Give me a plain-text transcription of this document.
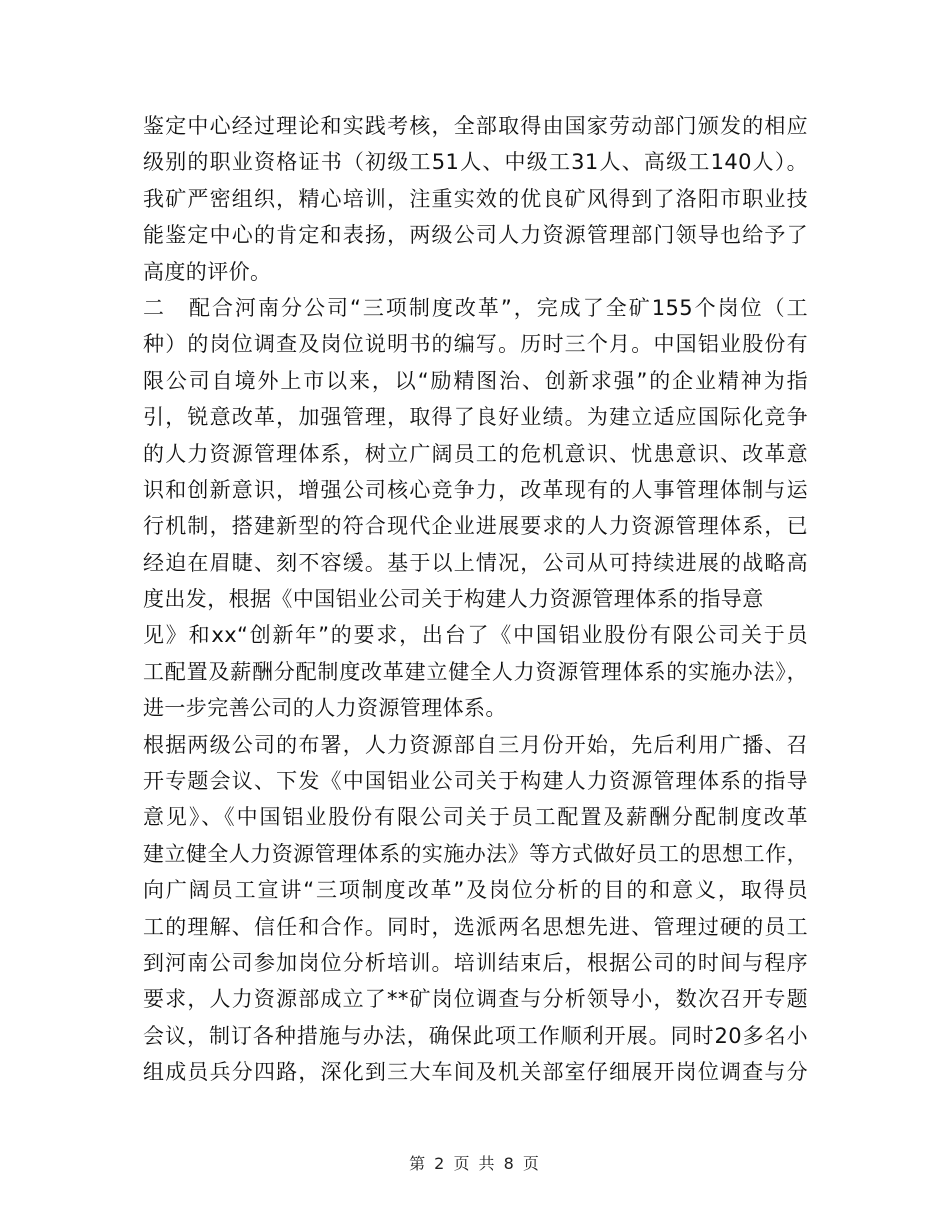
鉴定中心经过理论和实践考核，全部取得由国家劳动部门颁发的相应
级别的职业资格证书（初级工51人、中级工31人、高级工140人）。
我矿严密组织，精心培训，注重实效的优良矿风得到了洛阳市职业技
能鉴定中心的肯定和表扬，两级公司人力资源管理部门领导也给予了
高度的评价。
二　配合河南分公司“三项制度改革”，完成了全矿155个岗位（工
种）的岗位调查及岗位说明书的编写。历时三个月。中国铝业股份有
限公司自境外上市以来，以“励精图治、创新求强”的企业精神为指
引，锐意改革，加强管理，取得了良好业绩。为建立适应国际化竞争
的人力资源管理体系，树立广阔员工的危机意识、忧患意识、改革意
识和创新意识，增强公司核心竞争力，改革现有的人事管理体制与运
行机制，搭建新型的符合现代企业进展要求的人力资源管理体系，已
经迫在眉睫、刻不容缓。基于以上情况，公司从可持续进展的战略高
度出发，根据《中国铝业公司关于构建人力资源管理体系的指导意
见》和xx“创新年”的要求，出台了《中国铝业股份有限公司关于员
工配置及薪酬分配制度改革建立健全人力资源管理体系的实施办法》，
进一步完善公司的人力资源管理体系。
根据两级公司的布署，人力资源部自三月份开始，先后利用广播、召
开专题会议、下发《中国铝业公司关于构建人力资源管理体系的指导
意见》、《中国铝业股份有限公司关于员工配置及薪酬分配制度改革
建立健全人力资源管理体系的实施办法》等方式做好员工的思想工作，
向广阔员工宣讲“三项制度改革”及岗位分析的目的和意义，取得员
工的理解、信任和合作。同时，选派两名思想先进、管理过硬的员工
到河南公司参加岗位分析培训。培训结束后，根据公司的时间与程序
要求，人力资源部成立了**矿岗位调查与分析领导小，数次召开专题
会议，制订各种措施与办法，确保此项工作顺利开展。同时20多名小
组成员兵分四路，深化到三大车间及机关部室仔细展开岗位调查与分
第 2 页 共 8 页
